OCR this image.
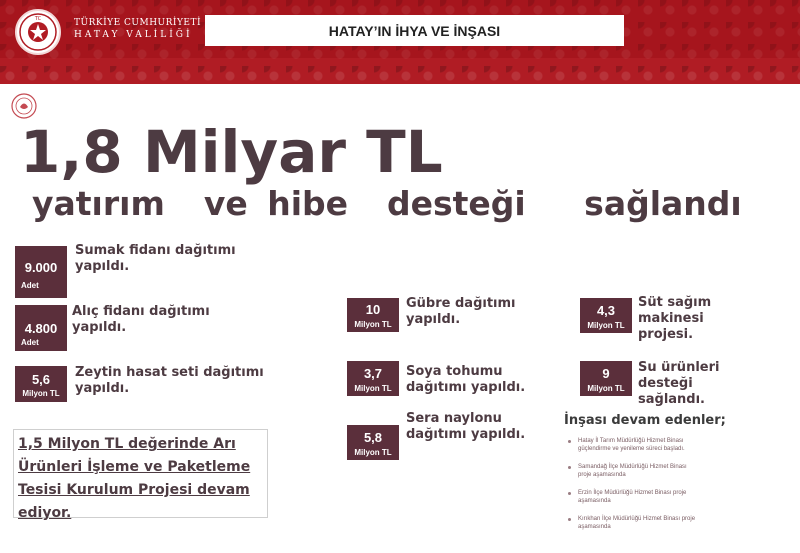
TC	TÜRKİYE CUMHURİYETİ
HATAY VALİLİĞİ	HATAY’IN İHYA VE İNŞASI
1,8 Milyar TL
yatırım  ve hibe  desteği   sağlandı
9.000
Adet
Sumak fidanı dağıtımı
yapıldı.
4.800
Adet
Alıç fidanı dağıtımı
yapıldı.
5,6
Milyon TL
Zeytin hasat seti dağıtımı
yapıldı.
10
Milyon TL
Gübre dağıtımı
yapıldı.
3,7
Milyon TL
Soya tohumu
dağıtımı yapıldı.
5,8
Milyon TL
Sera naylonu
dağıtımı yapıldı.
4,3
Milyon TL
Süt sağım
makinesi
projesi.
9
Milyon TL
Su ürünleri
desteği
sağlandı.
1,5 Milyon TL değerinde Arı
Ürünleri İşleme ve Paketleme
Tesisi Kurulum Projesi devam
ediyor.
İnşası devam edenler;
Hatay İl Tarım Müdürlüğü Hizmet Binası
güçlendirme ve yenileme süreci başladı.
Samandağ İlçe Müdürlüğü Hizmet Binası
proje aşamasında
Erzin İlçe Müdürlüğü Hizmet Binası proje
aşamasında
Kırıkhan İlçe Müdürlüğü Hizmet Binası proje
aşamasında
